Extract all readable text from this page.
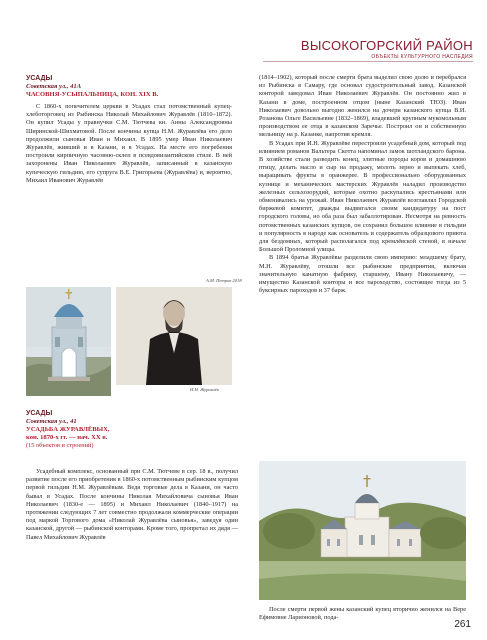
ВЫСОКОГОРСКИЙ РАЙОН
ОБЪЕКТЫ КУЛЬТУРНОГО НАСЛЕДИЯ
УСАДЫ
Советская ул., 41А
ЧАСОВНЯ-УСЫПАЛЬНИЦА, КОН. XIX В.

С 1860-х попечителем церкви в Усадах стал потомственный купец-хлеботорговец из Рыбинска Николай Михайлович Журавлёв (1810–1872). Он купил Усады у правнучки С.М. Тютчева кн. Анны Александровны Ширинской-Шихматовой. После кончины купца Н.М. Журавлёва его дело продолжили сыновья Иван и Михаил. В 1895 умер Иван Николаевич Журавлёв, живший и в Казани, и в Усадах. На месте его погребения построили кирпичную часовню-склеп в псевдовизантийском стиле. В ней захоронены Иван Николаевич Журавлёв, записанный в казанскую купеческую гильдию, его супруга В.Е. Григорьева (Журавлёва) и, вероятно, Михаил Иванович Журавлёв

А.М. Петров 2018
И.Н. Журавлёв
УСАДЫ
Советская ул., 41
УСАДЬБА ЖУРАВЛЁВЫХ,
кон. 1870-х гг. — нач. XX в.
(15 объектов и строений)

Усадебный комплекс, основанный при С.М. Тютчеве в сер. 18 в., получил развитие после его приобретения в 1860-х потомственным рыбинским купцом первой гильдии Н.М. Журавлёвым. Ведя торговые дела в Казани, он часто бывал в Усадах. После кончины Николая Михайловича сыновья Иван Николаевич (1830-е — 1895) и Михаил Николаевич (1840–1917) на протяжении следующих 7 лет совместно продолжали коммерческие операции под маркой Торгового дома «Николай Журавлёва сыновья», заведуя один казанской, другой — рыбинской конторами. Кроме того, пропретал их дядя — Павел Михайлович Журавлёв

(1814–1902), который после смерти брата выделил свою долю и перебрался из Рыбинска в Самару, где основал судостроительный завод. Казанской конторой заведовал Иван Николаевич Журавлёв. Он постоянно жил в Казани в доме, построенном отцом (ныне Казанский ТЮЗ). Иван Николаевич довольно выгодно женился на дочери казанского купца В.И. Розанова Ольге Васильевне (1832–1869), владевшей крупным мукомольным производством ее отца в казанском Заречье. Построил он и собственную мельницу на р. Казанке, напротив кремля.

В Усадах при И.Н. Журавлёве перестроили усадебный дом, который под влиянием романов Вальтера Скотта напоминал замок шотландского барона. В хозяйстве стали разводить конец, элитные породы коров и домашнюю птицу, делать масло и сыр на продажу, молоть зерно и выпекать хлеб, выращивать фрукты в оранжерее. В профессионально оборудованных кузнице и механических мастерских Журавлёв наладил производство железных сельхозорудий, которые охотно раскупались крестьянами или обменивались на урожай. Иван Николаевич Журавлёв возглавлял Городской биржевой комитет, дважды выдвигался своим кандидатуру на пост городского головы, но оба раза был забаллотирован. Несмотря на ревность потомственных казанских купцов, он сохранил большое влияние в гильдии и популярность в народе как основатель и содержатель образцового приюта для бездомных, который располагался под кремлёвской стеной, в начале Большой Проломной улицы.

В 1894 братья Журавлёвы разделили свою империю: младшему брату, М.Н. Журавлёву, отошли все рыбинские предприятия, включая значительную канатную фабрику, старшему, Ивану Николаевичу, — имущество Казанской конторы и все пароходство, состоящее тогда из 5 буксирных пароходов и 37 барж.

После смерти первой жены казанский купец вторично женился на Вере Ефимовне Ларионовой, пода-

261
